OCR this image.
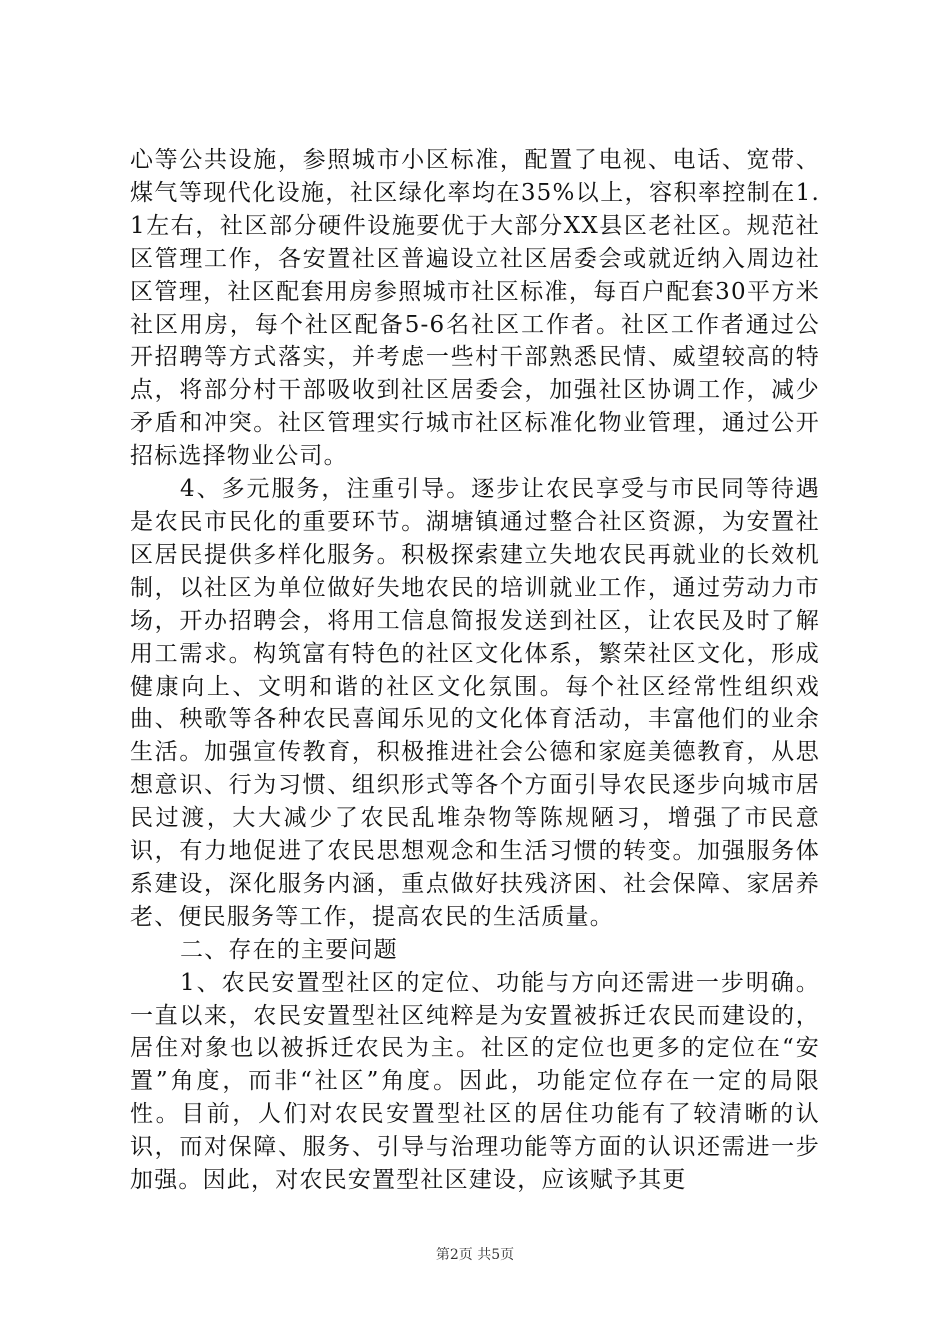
心等公共设施，参照城市小区标准，配置了电视、电话、宽带、煤气等现代化设施，社区绿化率均在35%以上，容积率控制在1.1左右，社区部分硬件设施要优于大部分XX县区老社区。规范社区管理工作，各安置社区普遍设立社区居委会或就近纳入周边社区管理，社区配套用房参照城市社区标准，每百户配套30平方米社区用房，每个社区配备5-6名社区工作者。社区工作者通过公开招聘等方式落实，并考虑一些村干部熟悉民情、威望较高的特点，将部分村干部吸收到社区居委会，加强社区协调工作，减少矛盾和冲突。社区管理实行城市社区标准化物业管理，通过公开招标选择物业公司。

4、多元服务，注重引导。逐步让农民享受与市民同等待遇是农民市民化的重要环节。湖塘镇通过整合社区资源，为安置社区居民提供多样化服务。积极探索建立失地农民再就业的长效机制，以社区为单位做好失地农民的培训就业工作，通过劳动力市场，开办招聘会，将用工信息简报发送到社区，让农民及时了解用工需求。构筑富有特色的社区文化体系，繁荣社区文化，形成健康向上、文明和谐的社区文化氛围。每个社区经常性组织戏曲、秧歌等各种农民喜闻乐见的文化体育活动，丰富他们的业余生活。加强宣传教育，积极推进社会公德和家庭美德教育，从思想意识、行为习惯、组织形式等各个方面引导农民逐步向城市居民过渡，大大减少了农民乱堆杂物等陈规陋习，增强了市民意识，有力地促进了农民思想观念和生活习惯的转变。加强服务体系建设，深化服务内涵，重点做好扶残济困、社会保障、家居养老、便民服务等工作，提高农民的生活质量。

二、存在的主要问题

1、农民安置型社区的定位、功能与方向还需进一步明确。一直以来，农民安置型社区纯粹是为安置被拆迁农民而建设的，居住对象也以被拆迁农民为主。社区的定位也更多的定位在“安置”角度，而非“社区”角度。因此，功能定位存在一定的局限性。目前，人们对农民安置型社区的居住功能有了较清晰的认识，而对保障、服务、引导与治理功能等方面的认识还需进一步加强。因此，对农民安置型社区建设，应该赋予其更

第2页 共5页
